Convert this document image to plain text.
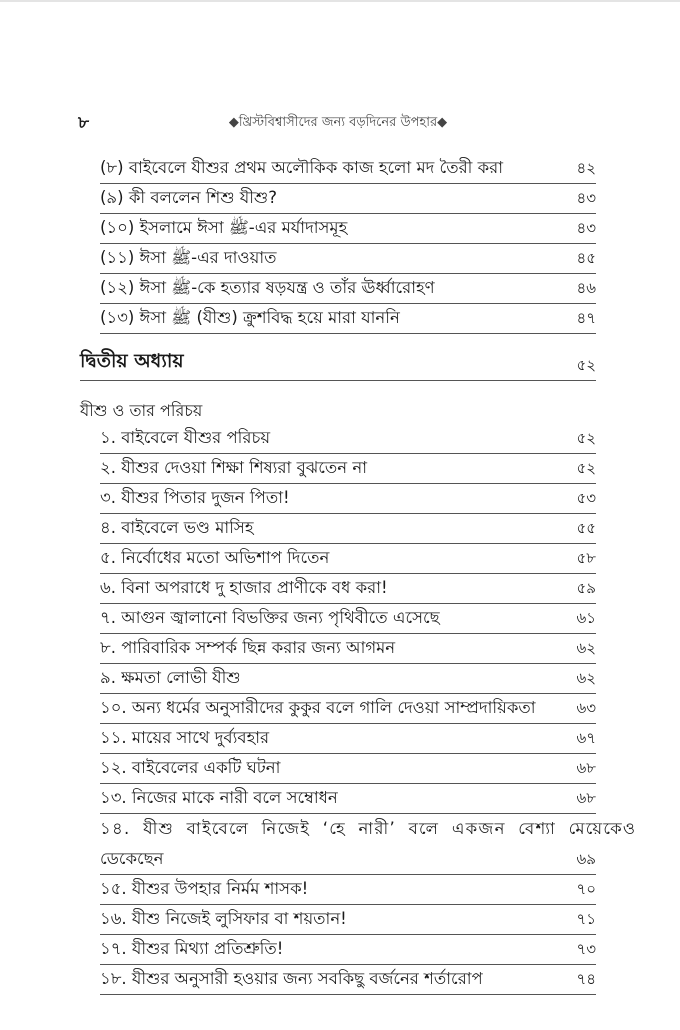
৮	◆খ্রিস্টবিশ্বাসীদের জন্য বড়দিনের উপহার◆
(৮) বাইবেলে যীশুর প্রথম অলৌকিক কাজ হলো মদ তৈরী করা	৪২
(৯) কী বললেন শিশু যীশু?	৪৩
(১০) ইসলামে ঈসা ﷺ-এর মর্যাদাসমূহ	৪৩
(১১) ঈসা ﷺ-এর দাওয়াত	৪৫
(১২) ঈসা ﷺ-কে হত্যার ষড়যন্ত্র ও তাঁর ঊর্ধ্বারোহণ	৪৬
(১৩) ঈসা ﷺ (যীশু) ক্রুশবিদ্ধ হয়ে মারা যাননি	৪৭
দ্বিতীয় অধ্যায়	৫২
যীশু ও তার পরিচয়
১. বাইবেলে যীশুর পরিচয়	৫২
২. যীশুর দেওয়া শিক্ষা শিষ্যরা বুঝতেন না	৫২
৩. যীশুর পিতার দুজন পিতা!	৫৩
৪. বাইবেলে ভণ্ড মাসিহ	৫৫
৫. নির্বোধের মতো অভিশাপ দিতেন	৫৮
৬. বিনা অপরাধে দু হাজার প্রাণীকে বধ করা!	৫৯
৭. আগুন জ্বালানো বিভক্তির জন্য পৃথিবীতে এসেছে	৬১
৮. পারিবারিক সম্পর্ক ছিন্ন করার জন্য আগমন	৬২
৯. ক্ষমতা লোভী যীশু	৬২
১০. অন্য ধর্মের অনুসারীদের কুকুর বলে গালি দেওয়া সাম্প্রদায়িকতা	৬৩
১১. মায়ের সাথে দুর্ব্যবহার	৬৭
১২. বাইবেলের একটি ঘটনা	৬৮
১৩. নিজের মাকে নারী বলে সম্বোধন	৬৮
১৪. যীশু বাইবেলে নিজেই ‘হে নারী’ বলে একজন বেশ্যা মেয়েকেও
ডেকেছেন	৬৯
১৫. যীশুর উপহার নির্মম শাসক!	৭০
১৬. যীশু নিজেই লুসিফার বা শয়তান!	৭১
১৭. যীশুর মিথ্যা প্রতিশ্রুতি!	৭৩
১৮. যীশুর অনুসারী হওয়ার জন্য সবকিছু বর্জনের শর্তারোপ	৭৪
